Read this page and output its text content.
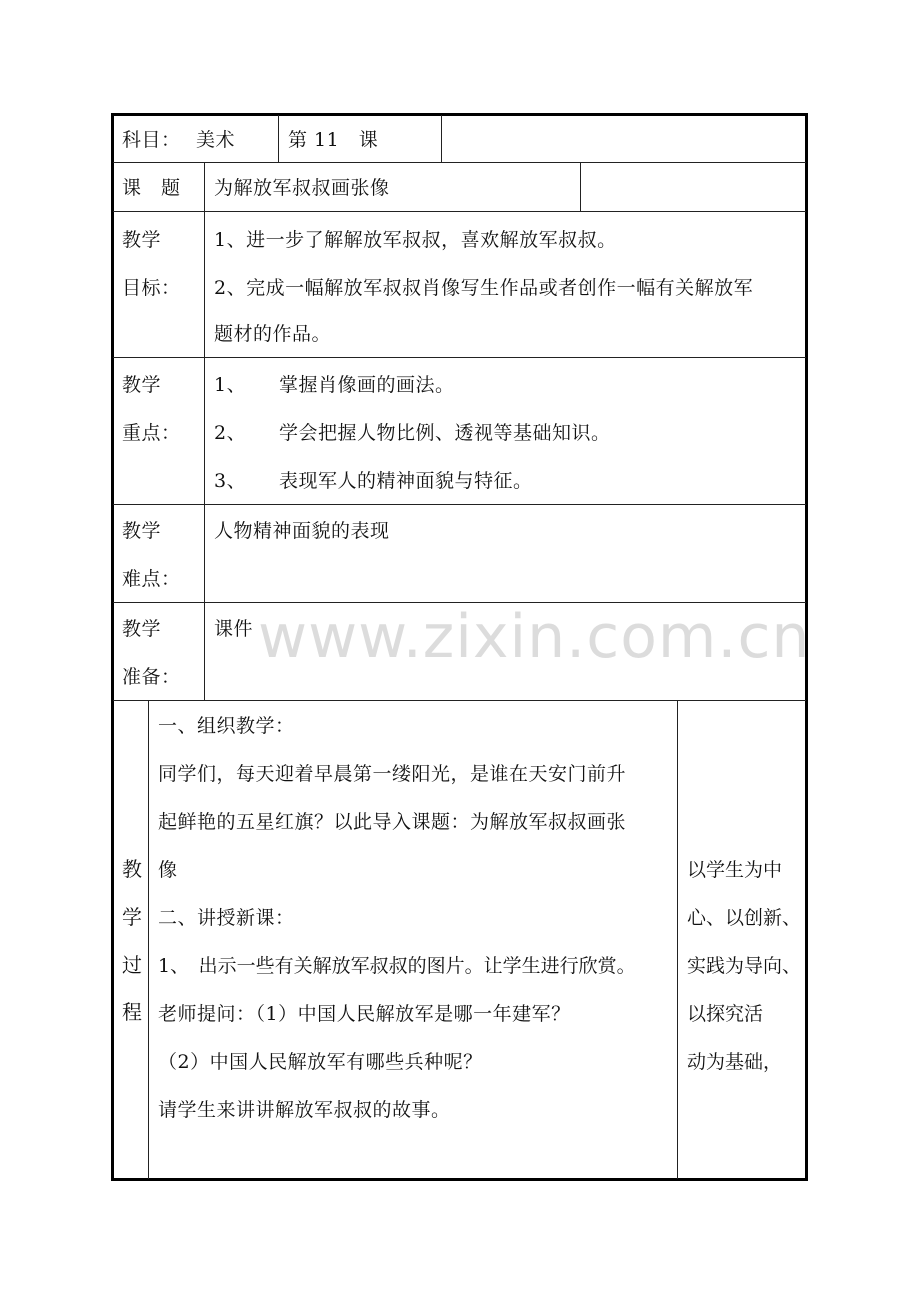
科目： 美术	第 11　课
课　题 为解放军叔叔画张像
教学
目标：
1、进一步了解解放军叔叔，喜欢解放军叔叔。
2、完成一幅解放军叔叔肖像写生作品或者创作一幅有关解放军
题材的作品。
教学
重点：
1、 掌握肖像画的画法。
2、 学会把握人物比例、透视等基础知识。
3、 表现军人的精神面貌与特征。
教学
难点：
人物精神面貌的表现
教学
准备：
课件
教
学
过
程
一、组织教学：
同学们，每天迎着早晨第一缕阳光，是谁在天安门前升
起鲜艳的五星红旗？以此导入课题：为解放军叔叔画张
像
二、讲授新课：
1、　出示一些有关解放军叔叔的图片。让学生进行欣赏。
老师提问：（1）中国人民解放军是哪一年建军？
（2）中国人民解放军有哪些兵种呢？
请学生来讲讲解放军叔叔的故事。
以学生为中
心、以创新、
实践为导向、
以探究活
动为基础，
www.zixin.com.cn
